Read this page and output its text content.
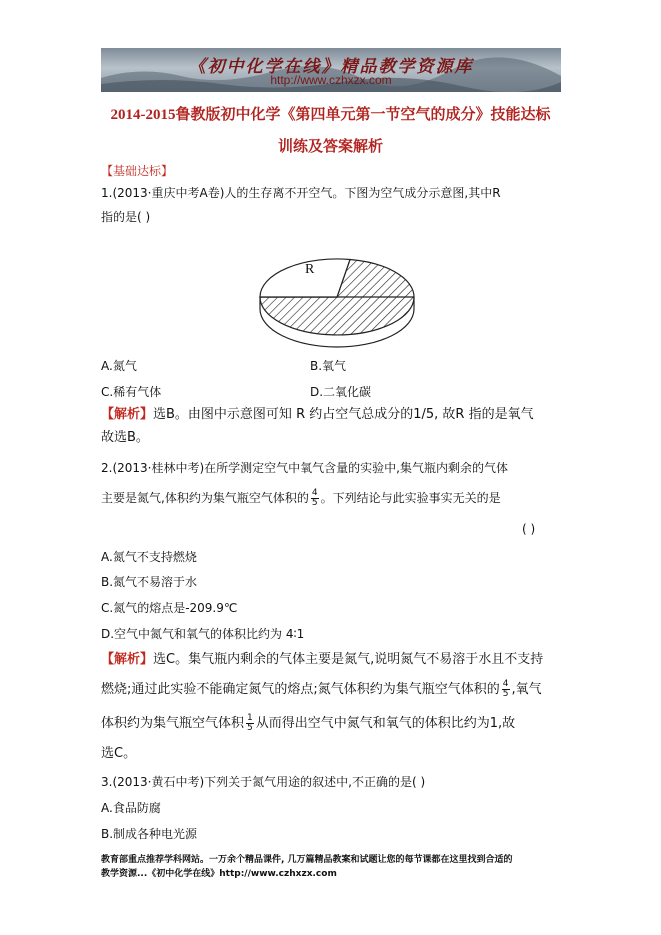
《初中化学在线》精品教学资源库
http://www.czhxzx.com
2014-2015鲁教版初中化学《第四单元第一节空气的成分》技能达标
训练及答案解析
【基础达标】
1.(2013·重庆中考A卷)人的生存离不开空气。下图为空气成分示意图,其中R
指的是( )
R
A.氮气	B.氧气
C.稀有气体	D.二氧化碳
【解析】选B。由图中示意图可知 R 约占空气总成分的1/5, 故R 指的是氧气
故选B。
2.(2013·桂林中考)在所学测定空气中氧气含量的实验中,集气瓶内剩余的气体
主要是氮气,体积约为集气瓶空气体积的 $\frac{4}{5}$ 。下列结论与此实验事实无关的是
( )
A.氮气不支持燃烧
B.氮气不易溶于水
C.氮气的熔点是-209.9℃
D.空气中氮气和氧气的体积比约为 4∶1
【解析】选C。集气瓶内剩余的气体主要是氮气,说明氮气不易溶于水且不支持
燃烧;通过此实验不能确定氮气的熔点;氮气体积约为集气瓶空气体积的 $\frac{4}{5}$ ,氧气
体积约为集气瓶空气体积 $\frac{1}{5}$ 从而得出空气中氮气和氧气的体积比约为1,故
选C。
3.(2013·黄石中考)下列关于氮气用途的叙述中,不正确的是( )
A.食品防腐
B.制成各种电光源
教育部重点推荐学科网站。一万余个精品课件, 几万篇精品教案和试题让您的每节课都在这里找到合适的
教学资源...《初中化学在线》http://www.czhxzx.com
